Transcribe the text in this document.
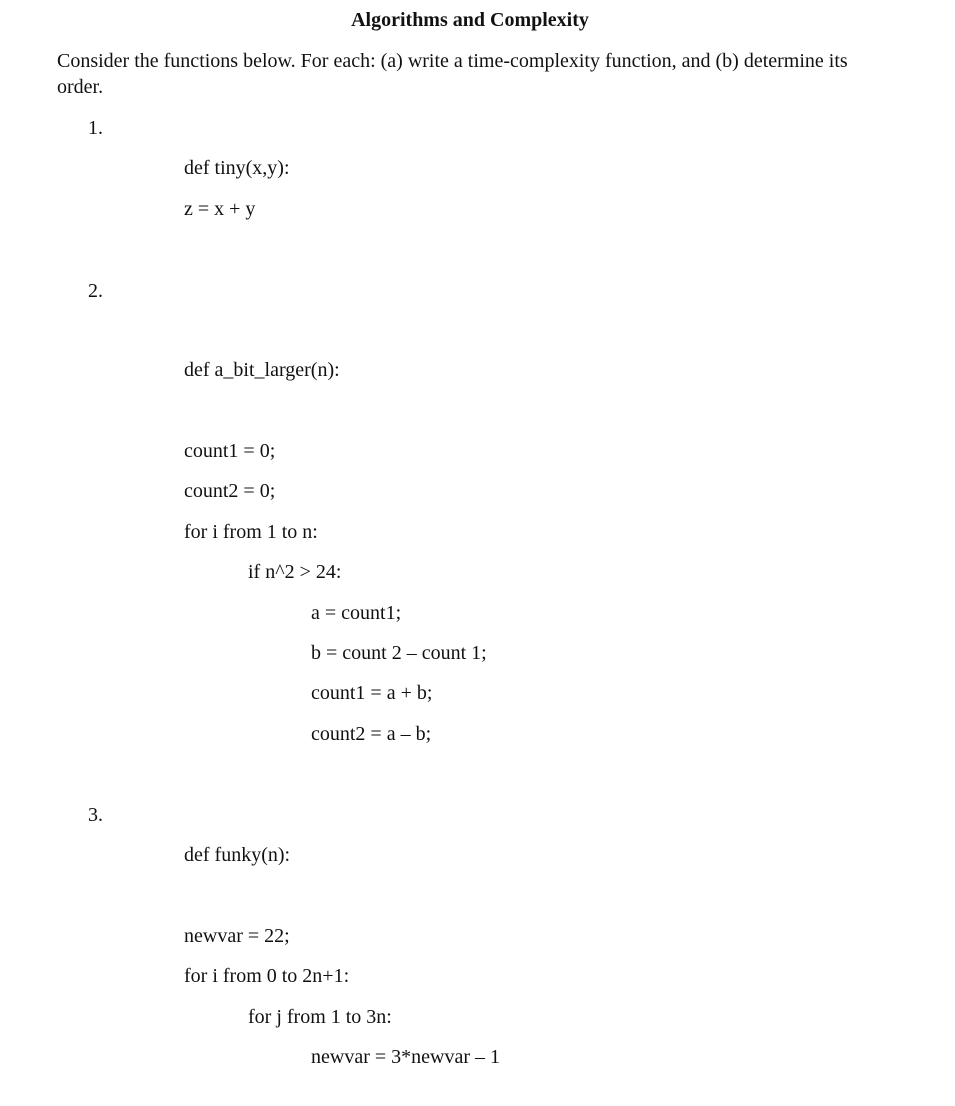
Algorithms and Complexity

Consider the functions below. For each: (a) write a time-complexity function, and (b) determine its order.

1.
def tiny(x,y):
z = x + y
2.
def a_bit_larger(n):
count1 = 0;
count2 = 0;
for i from 1 to n:
if n^2 > 24:
a = count1;
b = count 2 – count 1;
count1 = a + b;
count2 = a – b;
3.
def funky(n):
newvar = 22;
for i from 0 to 2n+1:
for j from 1 to 3n:
newvar = 3*newvar – 1
